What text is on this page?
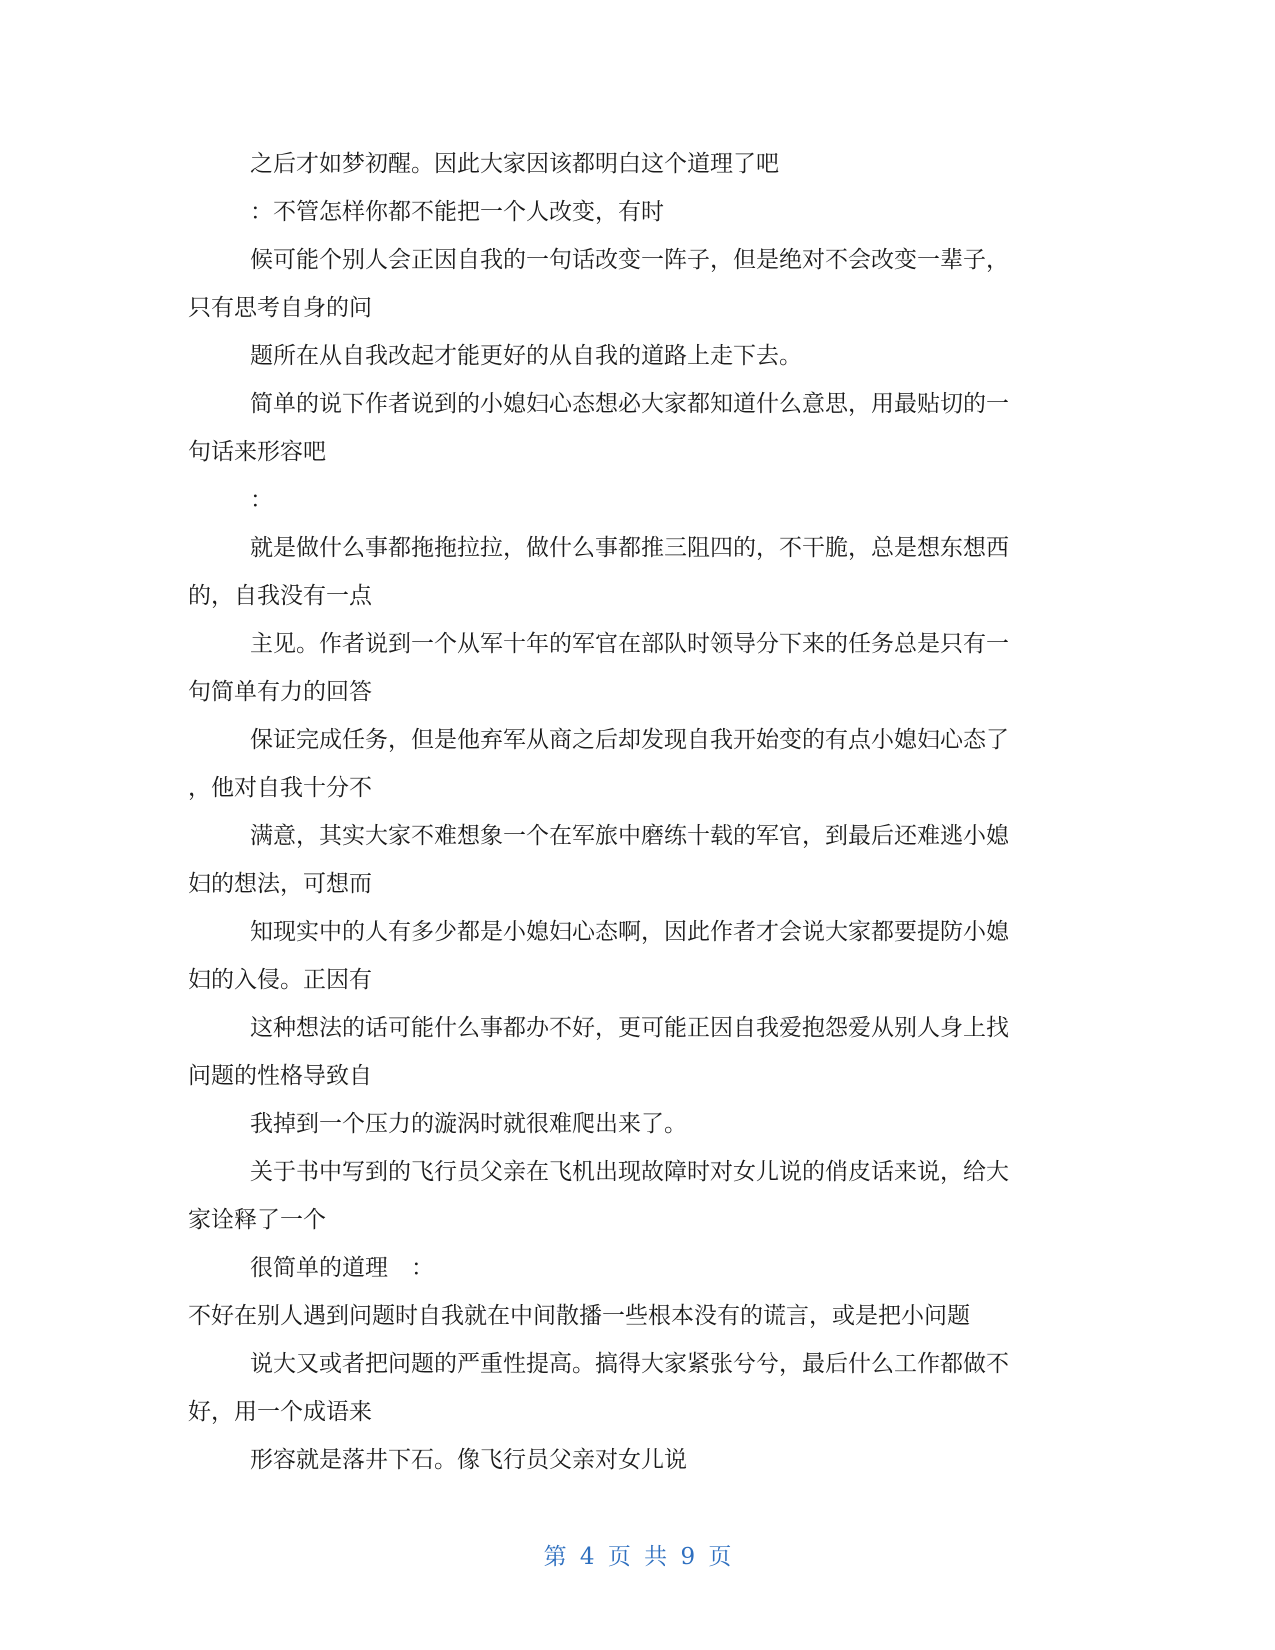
之后才如梦初醒。因此大家因该都明白这个道理了吧
：不管怎样你都不能把一个人改变，有时
候可能个别人会正因自我的一句话改变一阵子，但是绝对不会改变一辈子，
只有思考自身的问
题所在从自我改起才能更好的从自我的道路上走下去。
简单的说下作者说到的小媳妇心态想必大家都知道什么意思，用最贴切的一
句话来形容吧
：
就是做什么事都拖拖拉拉，做什么事都推三阻四的，不干脆，总是想东想西
的，自我没有一点
主见。作者说到一个从军十年的军官在部队时领导分下来的任务总是只有一
句简单有力的回答
保证完成任务，但是他弃军从商之后却发现自我开始变的有点小媳妇心态了
，他对自我十分不
满意，其实大家不难想象一个在军旅中磨练十载的军官，到最后还难逃小媳
妇的想法，可想而
知现实中的人有多少都是小媳妇心态啊，因此作者才会说大家都要提防小媳
妇的入侵。正因有
这种想法的话可能什么事都办不好，更可能正因自我爱抱怨爱从别人身上找
问题的性格导致自
我掉到一个压力的漩涡时就很难爬出来了。
关于书中写到的飞行员父亲在飞机出现故障时对女儿说的俏皮话来说，给大
家诠释了一个
很简单的道理　：
不好在别人遇到问题时自我就在中间散播一些根本没有的谎言，或是把小问题
说大又或者把问题的严重性提高。搞得大家紧张兮兮，最后什么工作都做不
好，用一个成语来
形容就是落井下石。像飞行员父亲对女儿说
第 4 页 共 9 页
